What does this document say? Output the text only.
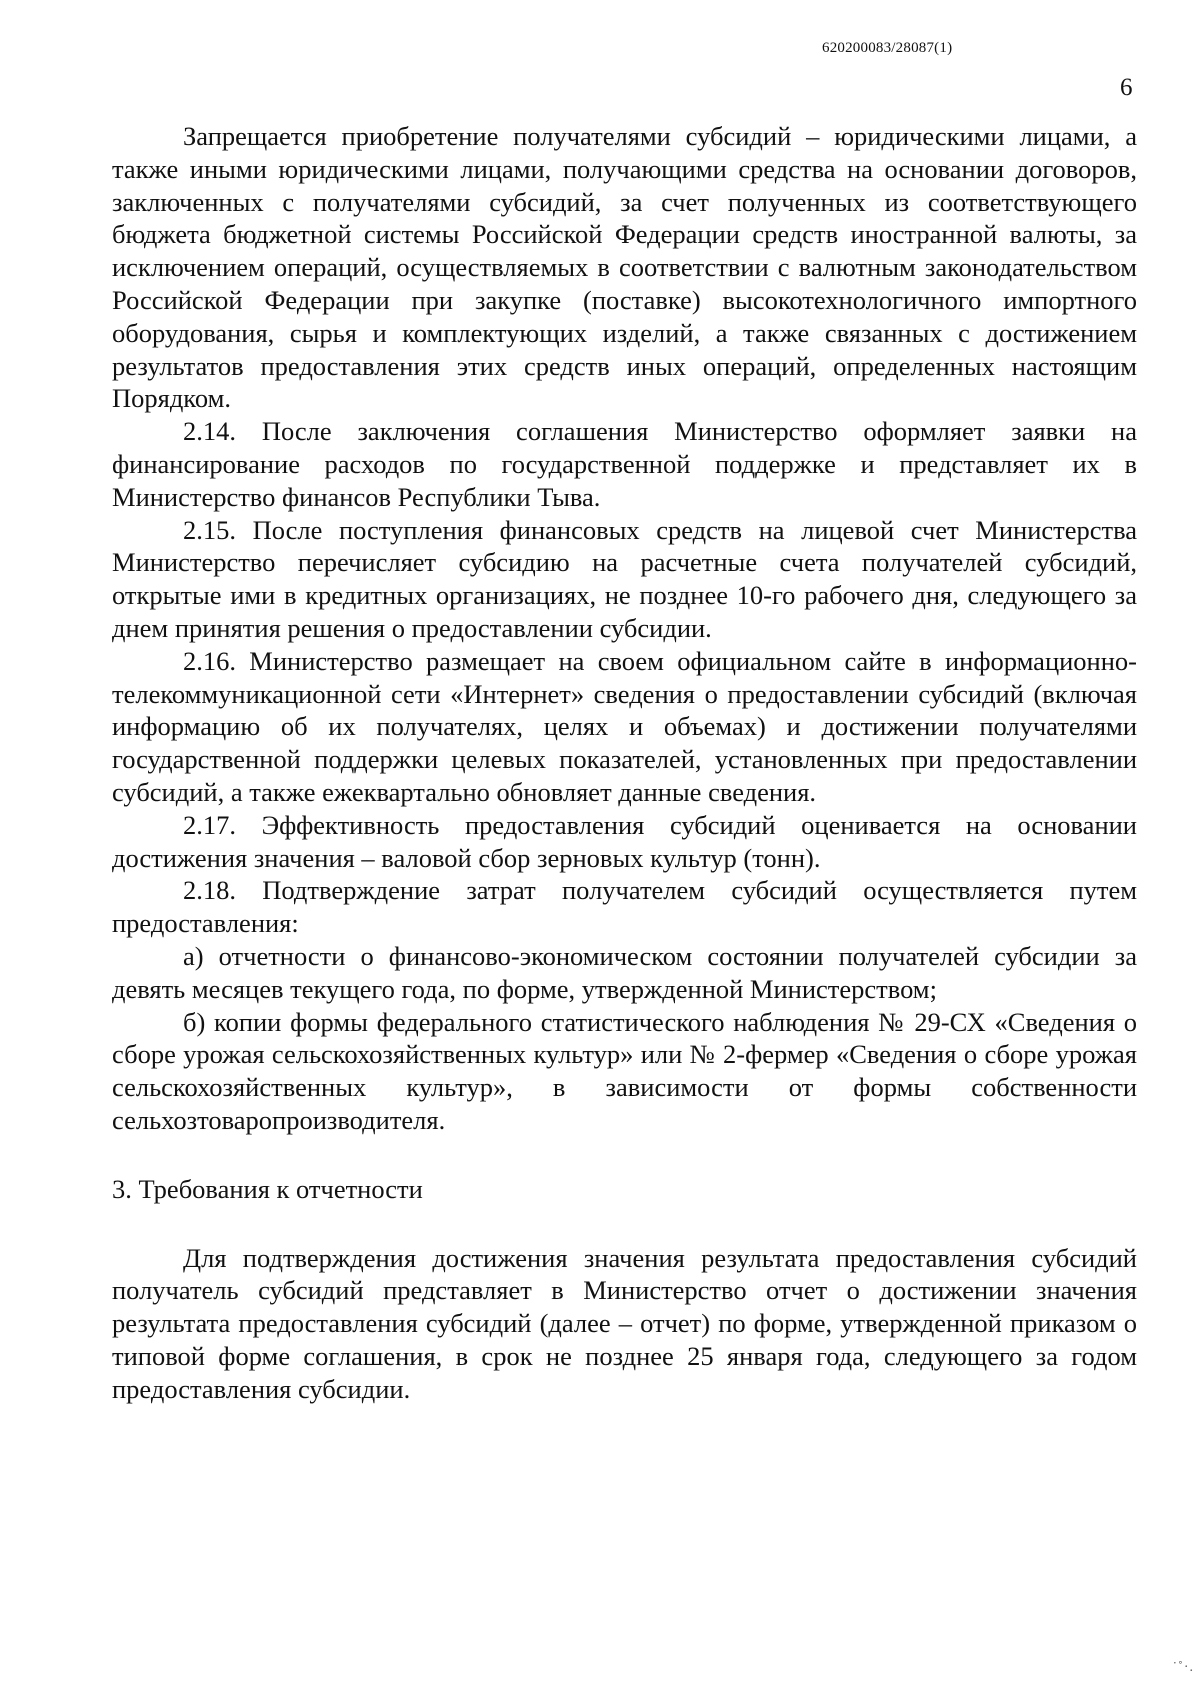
620200083/28087(1)
6

Запрещается приобретение получателями субсидий – юридическими лицами, а также иными юридическими лицами, получающими средства на основании договоров, заключенных с получателями субсидий, за счет полученных из соответствующего бюджета бюджетной системы Российской Федерации средств иностранной валюты, за исключением операций, осуществляемых в соответствии с валютным законодательством Российской Федерации при закупке (поставке) высокотехнологичного импортного оборудования, сырья и комплектующих изделий, а также связанных с достижением результатов предоставления этих средств иных операций, определенных настоящим Порядком.

2.14. После заключения соглашения Министерство оформляет заявки на финансирование расходов по государственной поддержке и представляет их в Министерство финансов Республики Тыва.

2.15. После поступления финансовых средств на лицевой счет Министерства Министерство перечисляет субсидию на расчетные счета получателей субсидий, открытые ими в кредитных организациях, не позднее 10-го рабочего дня, следующего за днем принятия решения о предоставлении субсидии.

2.16. Министерство размещает на своем официальном сайте в информационно-телекоммуникационной сети «Интернет» сведения о предоставлении субсидий (включая информацию об их получателях, целях и объемах) и достижении получателями государственной поддержки целевых показателей, установленных при предоставлении субсидий, а также ежеквартально обновляет данные сведения.

2.17. Эффективность предоставления субсидий оценивается на основании достижения значения – валовой сбор зерновых культур (тонн).

2.18. Подтверждение затрат получателем субсидий осуществляется путем предоставления:

а) отчетности о финансово-экономическом состоянии получателей субсидии за девять месяцев текущего года, по форме, утвержденной Министерством;

б) копии формы федерального статистического наблюдения № 29-СХ «Сведения о сборе урожая сельскохозяйственных культур» или № 2-фермер «Сведения о сборе урожая сельскохозяйственных культур», в зависимости от формы собственности сельхозтоваропроизводителя.

3. Требования к отчетности

Для подтверждения достижения значения результата предоставления субсидий получатель субсидий представляет в Министерство отчет о достижении значения результата предоставления субсидий (далее – отчет) по форме, утвержденной приказом о типовой форме соглашения, в срок не позднее 25 января года, следующего за годом предоставления субсидии.

˙˚·.
